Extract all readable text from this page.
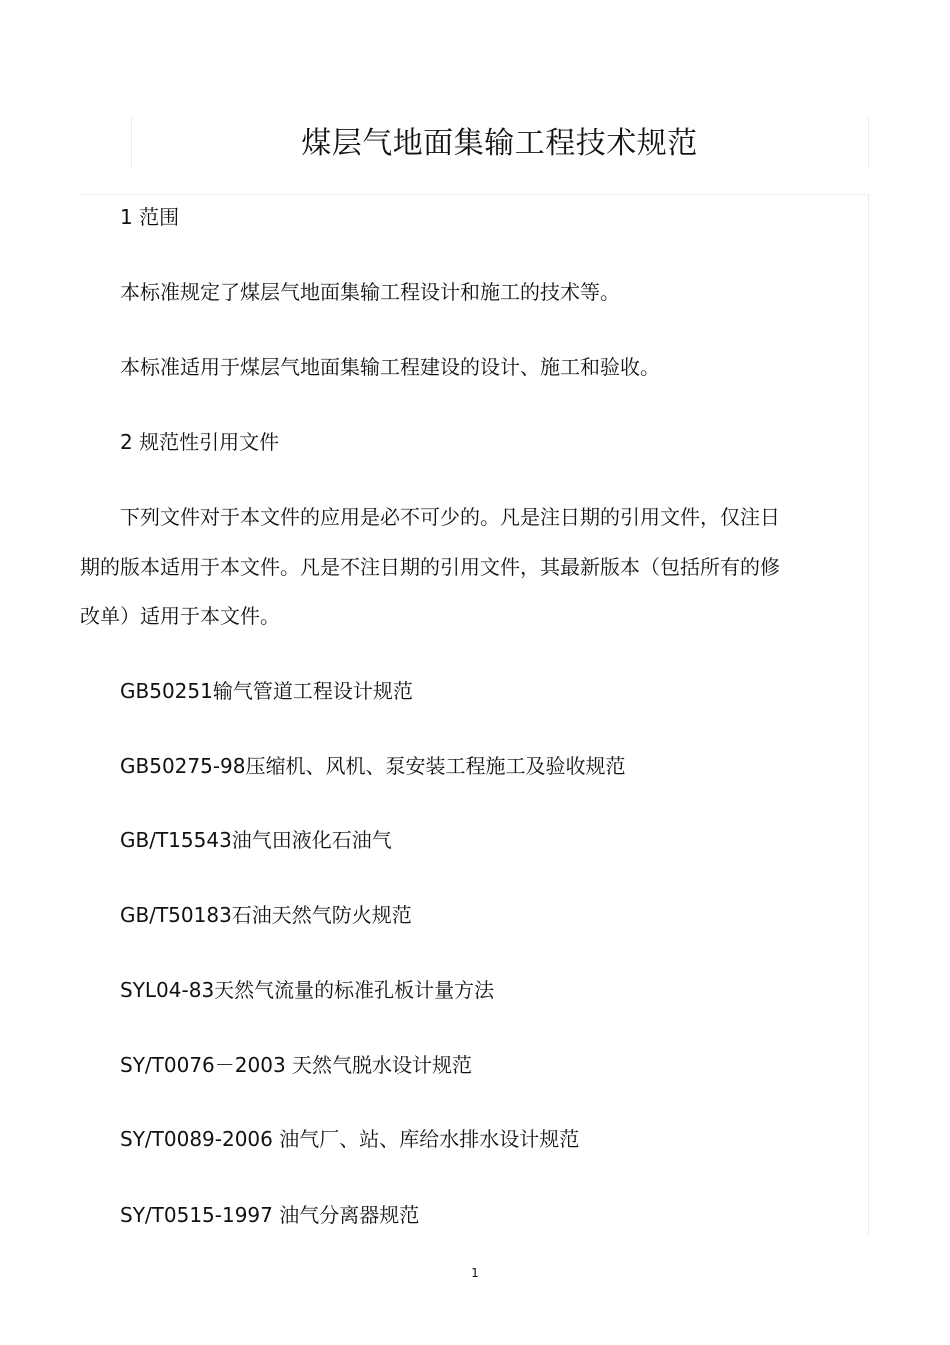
煤层气地面集输工程技术规范
1 范围
本标准规定了煤层气地面集输工程设计和施工的技术等。
本标准适用于煤层气地面集输工程建设的设计、施工和验收。
2 规范性引用文件
下列文件对于本文件的应用是必不可少的。凡是注日期的引用文件，仅注日
期的版本适用于本文件。凡是不注日期的引用文件，其最新版本（包括所有的修
改单）适用于本文件。
GB50251输气管道工程设计规范
GB50275-98压缩机、风机、泵安装工程施工及验收规范
GB/T15543油气田液化石油气
GB/T50183石油天然气防火规范
SYL04-83天然气流量的标准孔板计量方法
SY/T0076－2003 天然气脱水设计规范
SY/T0089-2006 油气厂、站、库给水排水设计规范
SY/T0515-1997 油气分离器规范
1
